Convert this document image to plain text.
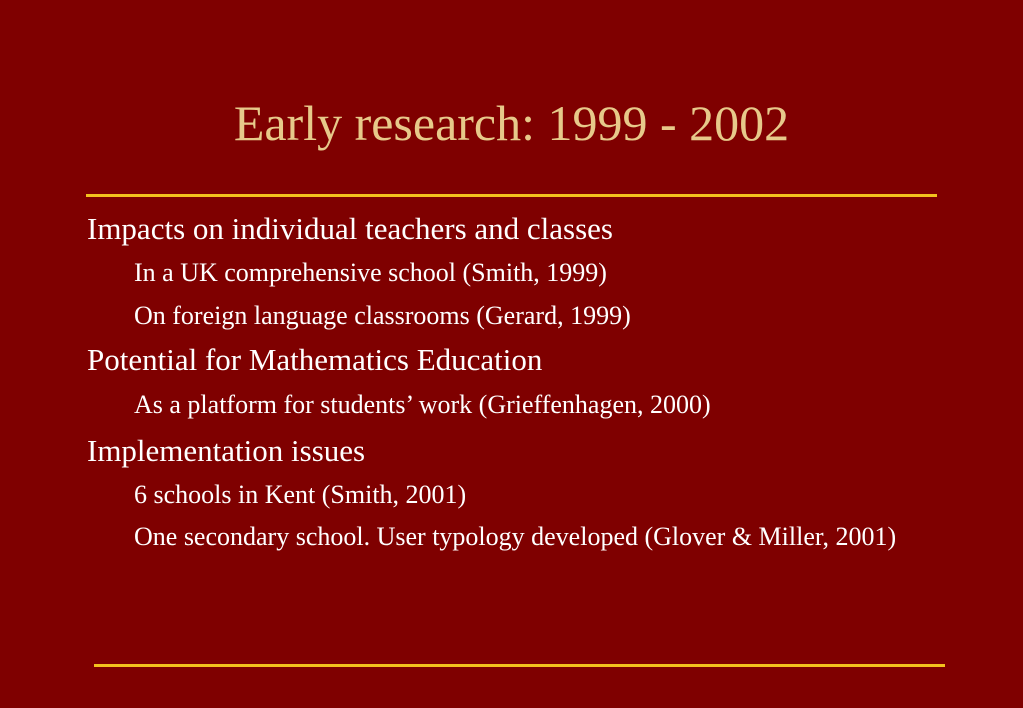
Early research: 1999 - 2002
Impacts on individual teachers and classes
In a UK comprehensive school (Smith, 1999)
On foreign language classrooms (Gerard, 1999)
Potential for Mathematics Education
As a platform for students’ work (Grieffenhagen, 2000)
Implementation issues
6 schools in Kent (Smith, 2001)
One secondary school. User typology developed (Glover & Miller, 2001)
